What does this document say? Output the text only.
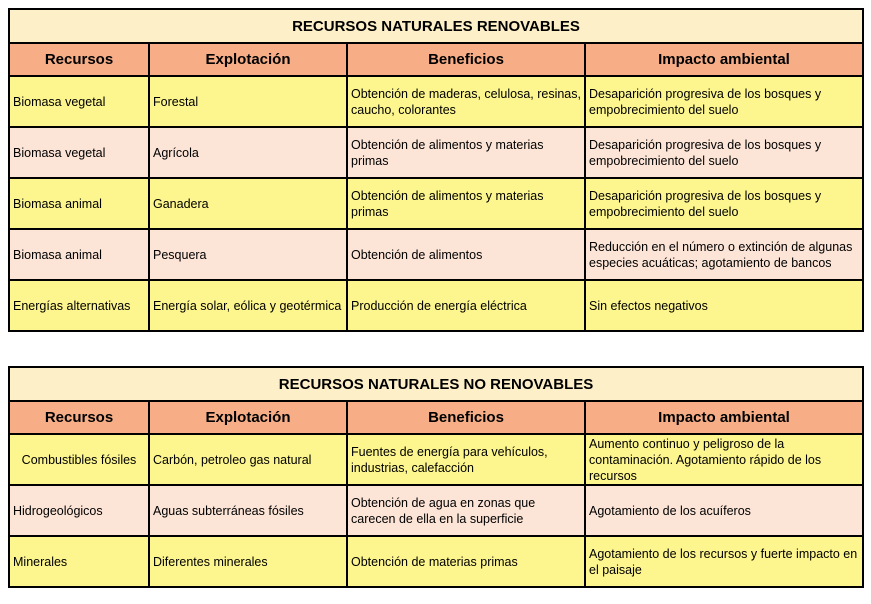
RECURSOS NATURALES RENOVABLES			
Recursos	Explotación	Beneficios	Impacto ambiental
Biomasa vegetal	Forestal	Obtención de maderas, celulosa, resinas, caucho, colorantes	Desaparición progresiva de los bosques y empobrecimiento del suelo
Biomasa vegetal	Agrícola	Obtención de alimentos y materias primas	Desaparición progresiva de los bosques y empobrecimiento del suelo
Biomasa animal	Ganadera	Obtención de alimentos y materias primas	Desaparición progresiva de los bosques y empobrecimiento del suelo
Biomasa animal	Pesquera	Obtención de alimentos	Reducción en el número o extinción de algunas especies acuáticas; agotamiento de bancos
Energías alternativas	Energía solar, eólica y geotérmica	Producción de energía eléctrica	Sin efectos negativos
RECURSOS NATURALES NO RENOVABLES			
Recursos	Explotación	Beneficios	Impacto ambiental
Combustibles fósiles	Carbón, petroleo gas natural	Fuentes de energía para vehículos, industrias, calefacción	Aumento continuo y peligroso de la contaminación. Agotamiento rápido de los recursos
Hidrogeológicos	Aguas subterráneas fósiles	Obtención de agua en zonas que carecen de ella en la superficie	Agotamiento de los acuíferos
Minerales	Diferentes minerales	Obtención de materias primas	Agotamiento de los recursos y fuerte impacto en el paisaje
